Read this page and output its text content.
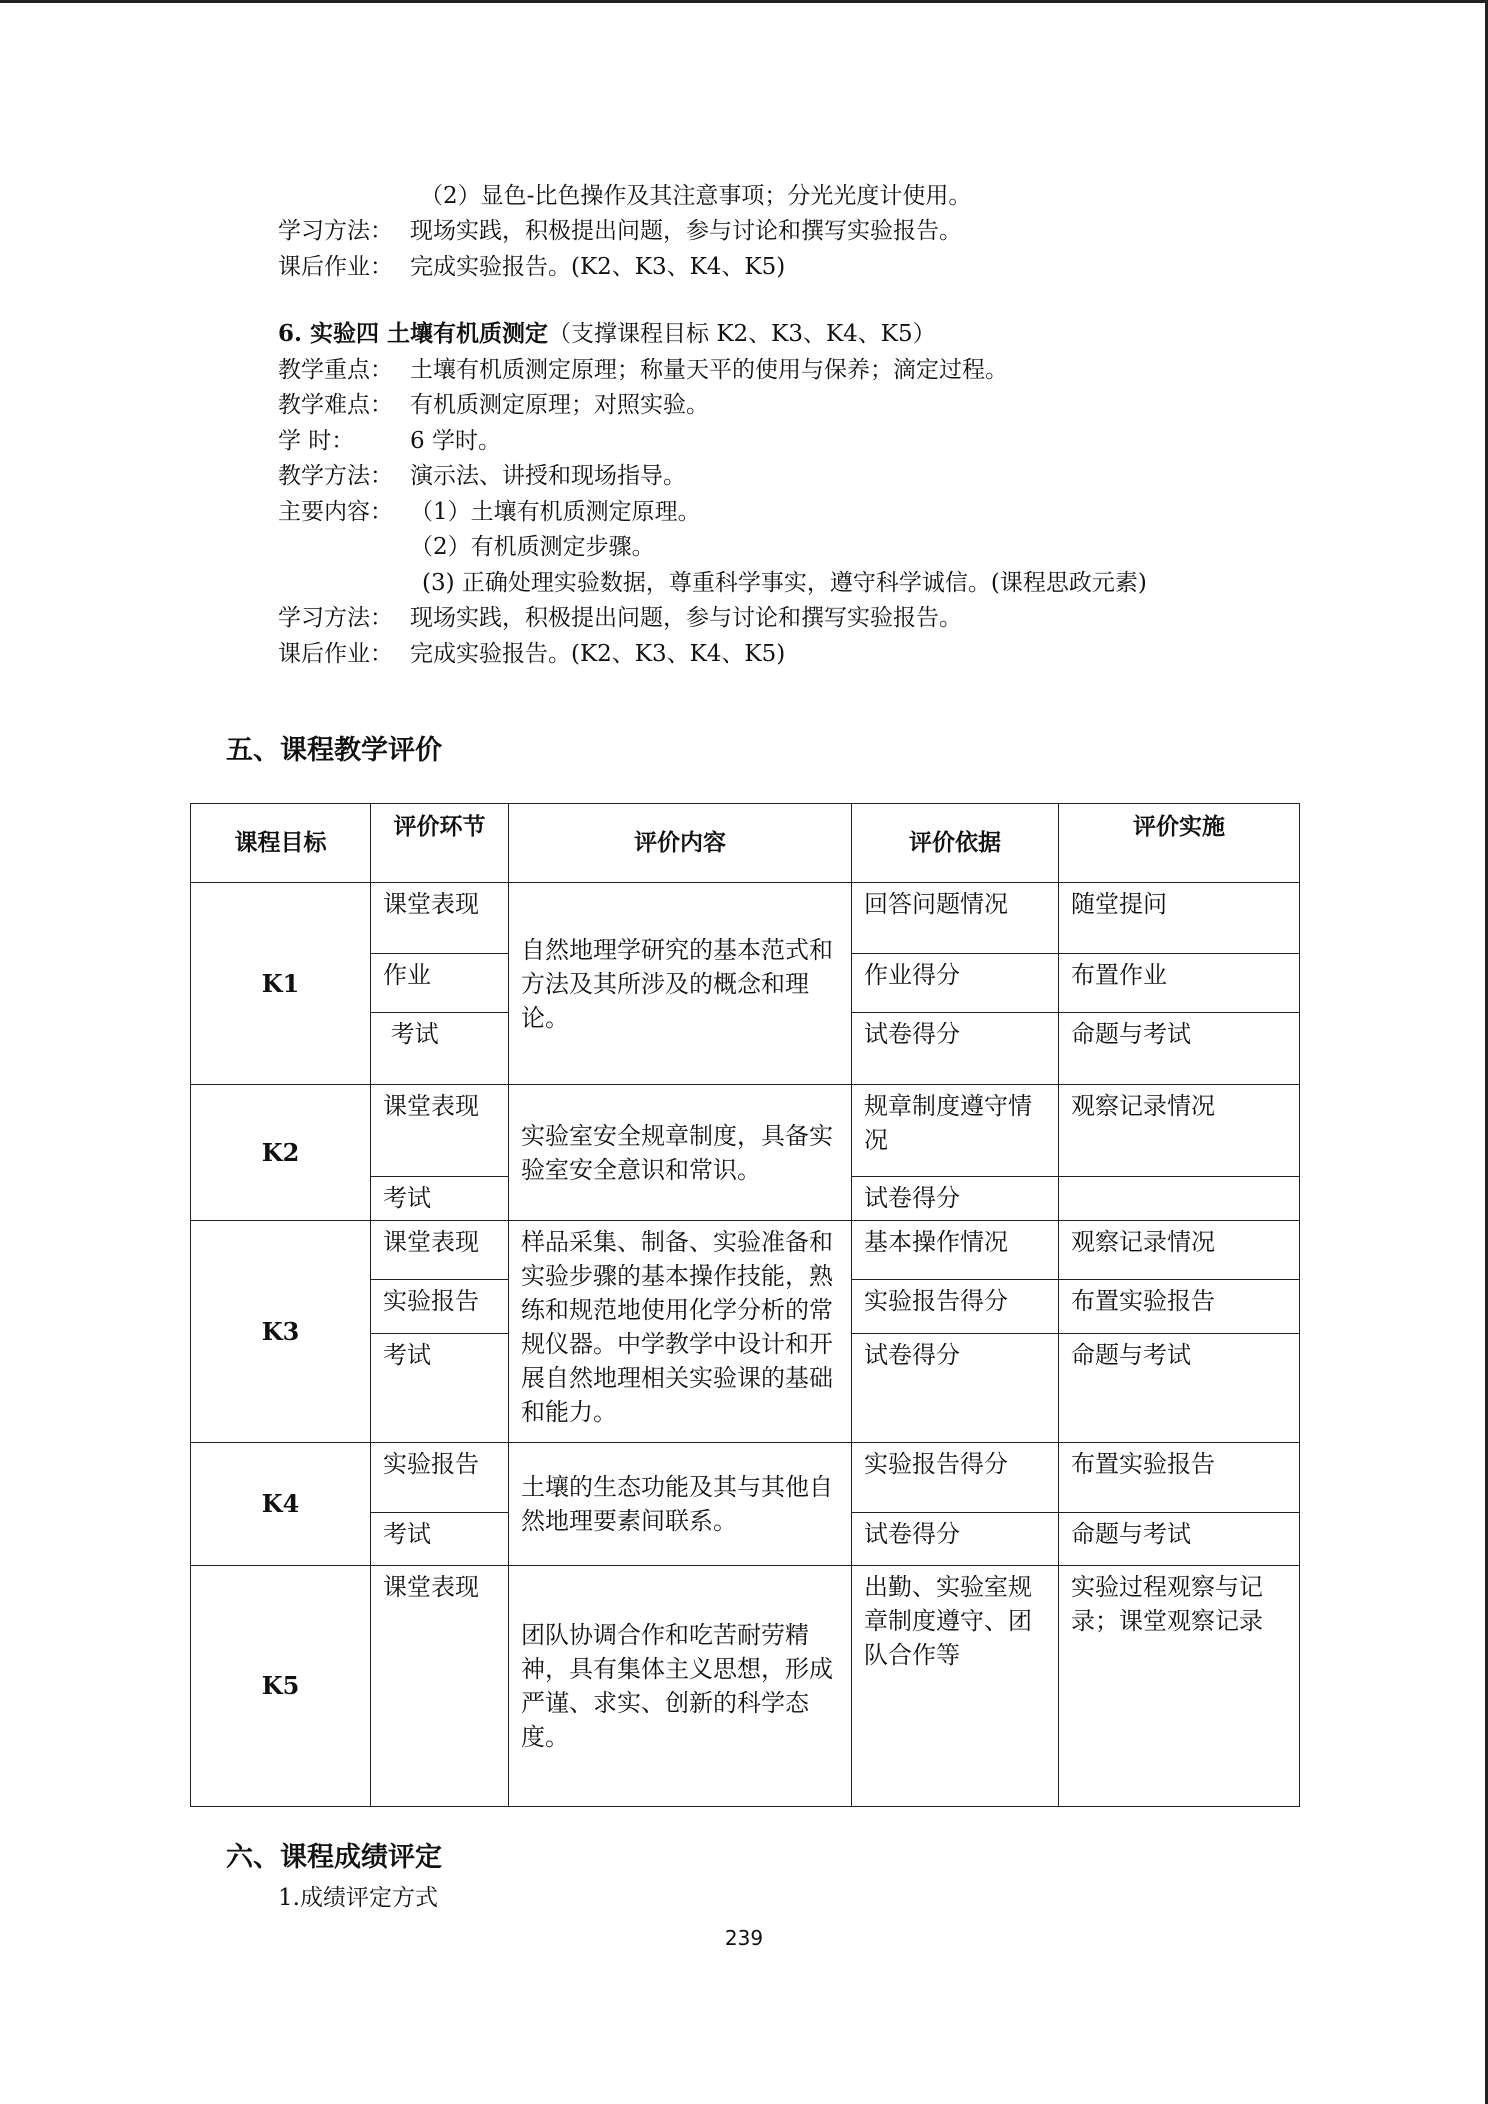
（2）显色-比色操作及其注意事项；分光光度计使用。
学习方法： 现场实践，积极提出问题，参与讨论和撰写实验报告。
课后作业： 完成实验报告。(K2、K3、K4、K5)
6. 实验四 土壤有机质测定（支撑课程目标 K2、K3、K4、K5）
教学重点： 土壤有机质测定原理；称量天平的使用与保养；滴定过程。
教学难点： 有机质测定原理；对照实验。
学 时： 6 学时。
教学方法： 演示法、讲授和现场指导。
主要内容： （1）土壤有机质测定原理。
（2）有机质测定步骤。
(3) 正确处理实验数据，尊重科学事实，遵守科学诚信。(课程思政元素)
学习方法： 现场实践，积极提出问题，参与讨论和撰写实验报告。
课后作业： 完成实验报告。(K2、K3、K4、K5)
五、课程教学评价
课程目标	评价环节	评价内容	评价依据	评价实施
K1	课堂表现	自然地理学研究的基本范式和方法及其所涉及的概念和理论。	回答问题情况	随堂提问
	作业		作业得分	布置作业
	考试		试卷得分	命题与考试
K2	课堂表现	实验室安全规章制度，具备实验室安全意识和常识。	规章制度遵守情况	观察记录情况
	考试		试卷得分	
K3	课堂表现	样品采集、制备、实验准备和实验步骤的基本操作技能，熟练和规范地使用化学分析的常规仪器。中学教学中设计和开展自然地理相关实验课的基础和能力。	基本操作情况	观察记录情况
	实验报告		实验报告得分	布置实验报告
	考试		试卷得分	命题与考试
K4	实验报告	土壤的生态功能及其与其他自然地理要素间联系。	实验报告得分	布置实验报告
	考试		试卷得分	命题与考试
K5	课堂表现	团队协调合作和吃苦耐劳精神，具有集体主义思想，形成严谨、求实、创新的科学态度。	出勤、实验室规章制度遵守、团队合作等	实验过程观察与记录；课堂观察记录
六、课程成绩评定
1.成绩评定方式
239
